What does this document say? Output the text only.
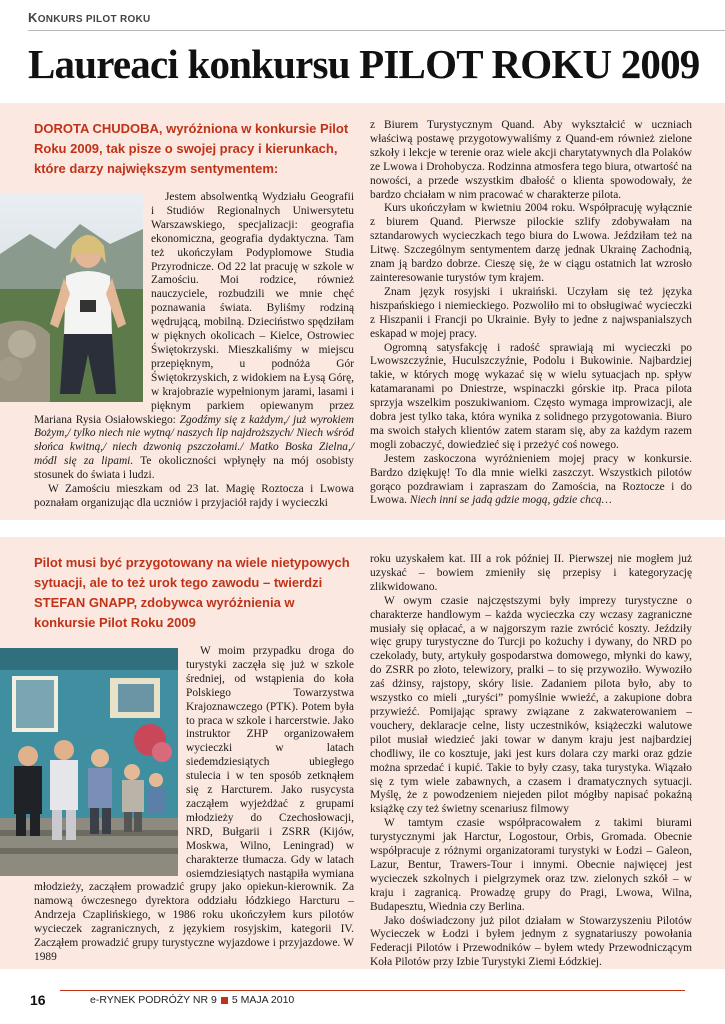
KONKURS PILOT ROKU
Laureaci konkursu PILOT ROKU 2009
DOROTA CHUDOBA, wyróżniona w konkursie Pilot Roku 2009, tak pisze o swojej pracy i kierunkach, które darzy największym sentymentem:

Jestem absolwentką Wydziału Geografii i Studiów Regionalnych Uniwersytetu Warszawskiego, specjalizacji: geografia ekonomiczna, geografia dydaktyczna. Tam też ukończyłam Podyplomowe Studia Przyrodnicze. Od 22 lat pracuję w szkole w Zamościu. Moi rodzice, również nauczyciele, rozbudzili we mnie chęć poznawania świata. Byliśmy rodziną wędrującą, mobilną. Dzieciństwo spędziłam w pięknych okolicach – Kielce, Ostrowiec Świętokrzyski. Mieszkaliśmy w miejscu przepięknym, u podnóża Gór Świętokrzyskich, z widokiem na Łysą Górę, w krajobrazie wypełnionym jarami, lasami i pięknym parkiem opiewanym przez Mariana Rysia Osiałowskiego: Zgodźmy się z każdym,/ już wyrokiem Bożym,/ tylko niech nie wytną/ naszych lip najdroższych/ Niech wśród słońca kwitną,/ niech dzwonią pszczołami./ Matko Boska Zielna,/ módl się za lipami. Te okoliczności wpłynęły na mój osobisty stosunek do świata i ludzi.

W Zamościu mieszkam od 23 lat. Magię Roztocza i Lwowa poznałam organizując dla uczniów i przyjaciół rajdy i wycieczki

z Biurem Turystycznym Quand. Aby wykształcić w uczniach właściwą postawę przygotowywaliśmy z Quand-em również zielone szkoły i lekcje w terenie oraz wiele akcji charytatywnych dla Polaków ze Lwowa i Drohobycza. Rodzinna atmosfera tego biura, otwartość na nowości, a przede wszystkim dbałość o klienta spowodowały, że bardzo chciałam w nim pracować w charakterze pilota.

Kurs ukończyłam w kwietniu 2004 roku. Współpracuję wyłącznie z biurem Quand. Pierwsze pilockie szlify zdobywałam na sztandarowych wycieczkach tego biura do Lwowa. Jeździłam też na Litwę. Szczególnym sentymentem darzę jednak Ukrainę Zachodnią, znam ją bardzo dobrze. Cieszę się, że w ciągu ostatnich lat wzrosło zainteresowanie turystów tym krajem.

Znam język rosyjski i ukraiński. Uczyłam się też języka hiszpańskiego i niemieckiego. Pozwoliło mi to obsługiwać wycieczki z Hiszpanii i Francji po Ukrainie. Były to jedne z najwspanialszych eskapad w mojej pracy.

Ogromną satysfakcję i radość sprawiają mi wycieczki po Lwowszczyźnie, Huculszczyźnie, Podolu i Bukowinie. Najbardziej takie, w których mogę wykazać się w wielu sytuacjach np. spływ katamaranami po Dniestrze, wspinaczki górskie itp. Praca pilota sprzyja wszelkim poszukiwaniom. Często wymaga improwizacji, ale dobra jest tylko taka, która wynika z solidnego przygotowania. Biuro ma swoich stałych klientów zatem staram się, aby za każdym razem mogli zobaczyć, dowiedzieć się i przeżyć coś nowego.

Jestem zaskoczona wyróżnieniem mojej pracy w konkursie. Bardzo dziękuję! To dla mnie wielki zaszczyt. Wszystkich pilotów gorąco pozdrawiam i zapraszam do Zamościa, na Roztocze i do Lwowa. Niech inni se jadą gdzie mogą, gdzie chcą…

Pilot musi być przygotowany na wiele nietypowych sytuacji, ale to też urok tego zawodu – twierdzi STEFAN GNAPP, zdobywca wyróżnienia w konkursie Pilot Roku 2009

W moim przypadku droga do turystyki zaczęła się już w szkole średniej, od wstąpienia do koła Polskiego Towarzystwa Krajoznawczego (PTK). Potem była to praca w szkole i harcerstwie. Jako instruktor ZHP organizowałem wycieczki w latach siedemdziesiątych ubiegłego stulecia i w ten sposób zetknąłem się z Harcturem. Jako rusycysta zacząłem wyjeżdżać z grupami młodzieży do Czechosłowacji, NRD, Bułgarii i ZSRR (Kijów, Moskwa, Wilno, Leningrad) w charakterze tłumacza. Gdy w latach osiemdziesiątych nastąpiła wymiana młodzieży, zacząłem prowadzić grupy jako opiekun-kierownik. Za namową ówczesnego dyrektora oddziału łódzkiego Harcturu – Andrzeja Czaplińskiego, w 1986 roku ukończyłem kurs pilotów wycieczek zagranicznych, z językiem rosyjskim, kategorii IV. Zacząłem prowadzić grupy turystyczne wyjazdowe i przyjazdowe. W 1989

roku uzyskałem kat. III a rok później II. Pierwszej nie mogłem już uzyskać – bowiem zmieniły się przepisy i kategoryzację zlikwidowano.

W owym czasie najczęstszymi były imprezy turystyczne o charakterze handlowym – każda wycieczka czy wczasy zagraniczne musiały się opłacać, a w najgorszym razie zwrócić koszty. Jeździły więc grupy turystyczne do Turcji po kożuchy i dywany, do NRD po czekolady, buty, artykuły gospodarstwa domowego, młynki do kawy, do ZSRR po złoto, telewizory, pralki – to się przywoziło. Wywoziło zaś dżinsy, rajstopy, skóry lisie. Zadaniem pilota było, aby to wszystko co mieli „turyści” pomyślnie wwieźć, a zakupione dobra przywieźć. Pomijając sprawy związane z zakwaterowaniem – vouchery, deklaracje celne, listy uczestników, książeczki walutowe pilot musiał wiedzieć jaki towar w danym kraju jest najbardziej chodliwy, ile co kosztuje, jaki jest kurs dolara czy marki oraz gdzie można sprzedać i kupić. Takie to były czasy, taka turystyka. Wiązało się z tym wiele zabawnych, a czasem i dramatycznych sytuacji. Myślę, że z powodzeniem niejeden pilot mógłby napisać pokaźną książkę czy też świetny scenariusz filmowy

W tamtym czasie współpracowałem z takimi biurami turystycznymi jak Harctur, Logostour, Orbis, Gromada. Obecnie współpracuje z różnymi organizatorami turystyki w Łodzi – Galeon, Lazur, Bentur, Trawers-Tour i innymi. Obecnie najwięcej jest wycieczek szkolnych i pielgrzymek oraz tzw. zielonych szkół – w kraju i zagranicą. Prowadzę grupy do Pragi, Lwowa, Wilna, Budapesztu, Wiednia czy Berlina.

Jako doświadczony już pilot działam w Stowarzyszeniu Pilotów Wycieczek w Łodzi i byłem jednym z sygnatariuszy powołania Federacji Pilotów i Przewodników – byłem wtedy Przewodniczącym Koła Pilotów przy Izbie Turystyki Ziemi Łódzkiej.

16	e-RYNEK PODRÓŻY NR 9 5 MAJA 2010
